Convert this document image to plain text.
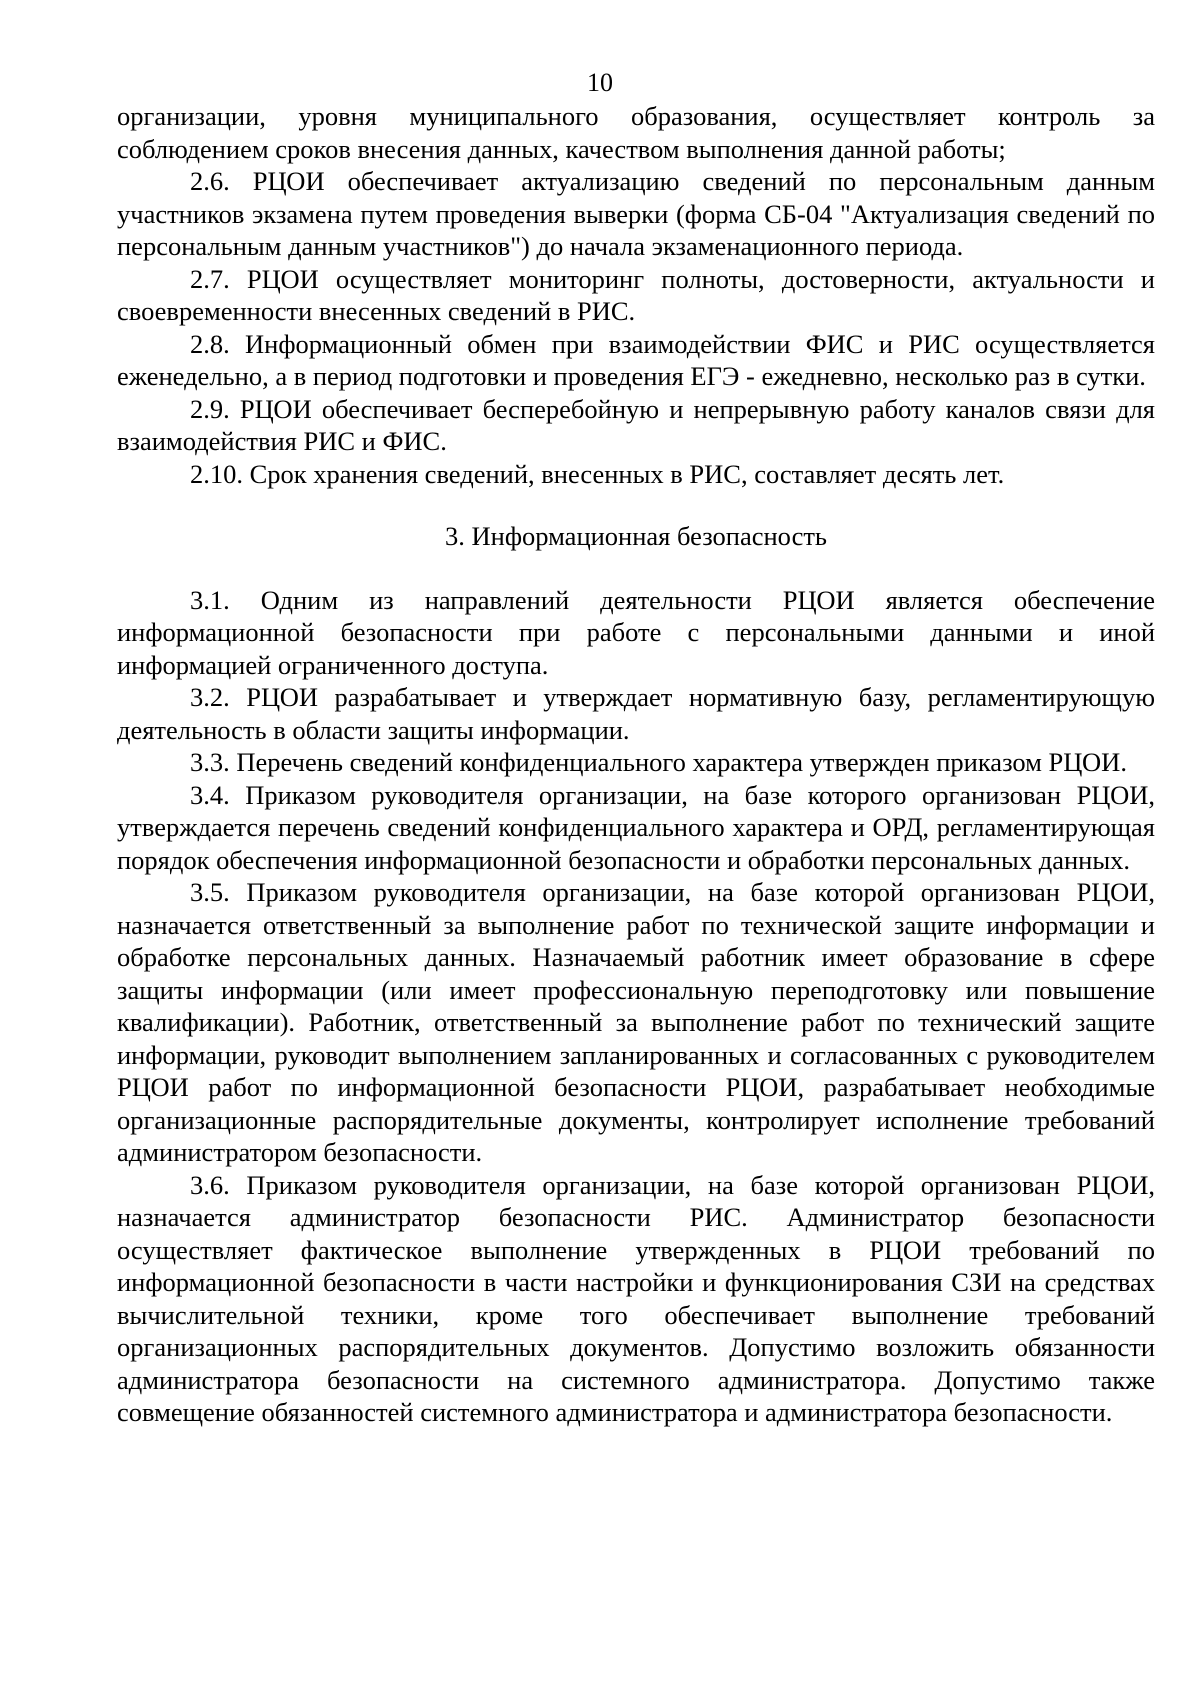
10

организации, уровня муниципального образования, осуществляет контроль за соблюдением сроков внесения данных, качеством выполнения данной работы;

2.6. РЦОИ обеспечивает актуализацию сведений по персональным данным участников экзамена путем проведения выверки (форма СБ-04 "Актуализация сведений по персональным данным участников") до начала экзаменационного периода.

2.7. РЦОИ осуществляет мониторинг полноты, достоверности, актуальности и своевременности внесенных сведений в РИС.

2.8. Информационный обмен при взаимодействии ФИС и РИС осуществляется еженедельно, а в период подготовки и проведения ЕГЭ - ежедневно, несколько раз в сутки.

2.9. РЦОИ обеспечивает бесперебойную и непрерывную работу каналов связи для взаимодействия РИС и ФИС.

2.10. Срок хранения сведений, внесенных в РИС, составляет десять лет.

3. Информационная безопасность

3.1. Одним из направлений деятельности РЦОИ является обеспечение информационной безопасности при работе с персональными данными и иной информацией ограниченного доступа.

3.2. РЦОИ разрабатывает и утверждает нормативную базу, регламентирующую деятельность в области защиты информации.

3.3. Перечень сведений конфиденциального характера утвержден приказом РЦОИ.

3.4. Приказом руководителя организации, на базе которого организован РЦОИ, утверждается перечень сведений конфиденциального характера и ОРД, регламентирующая порядок обеспечения информационной безопасности и обработки персональных данных.

3.5. Приказом руководителя организации, на базе которой организован РЦОИ, назначается ответственный за выполнение работ по технической защите информации и обработке персональных данных. Назначаемый работник имеет образование в сфере защиты информации (или имеет профессиональную переподготовку или повышение квалификации). Работник, ответственный за выполнение работ по технический защите информации, руководит выполнением запланированных и согласованных с руководителем РЦОИ работ по информационной безопасности РЦОИ, разрабатывает необходимые организационные распорядительные документы, контролирует исполнение требований администратором безопасности.

3.6. Приказом руководителя организации, на базе которой организован РЦОИ, назначается администратор безопасности РИС. Администратор безопасности осуществляет фактическое выполнение утвержденных в РЦОИ требований по информационной безопасности в части настройки и функционирования СЗИ на средствах вычислительной техники, кроме того обеспечивает выполнение требований организационных распорядительных документов. Допустимо возложить обязанности администратора безопасности на системного администратора. Допустимо также совмещение обязанностей системного администратора и администратора безопасности.
